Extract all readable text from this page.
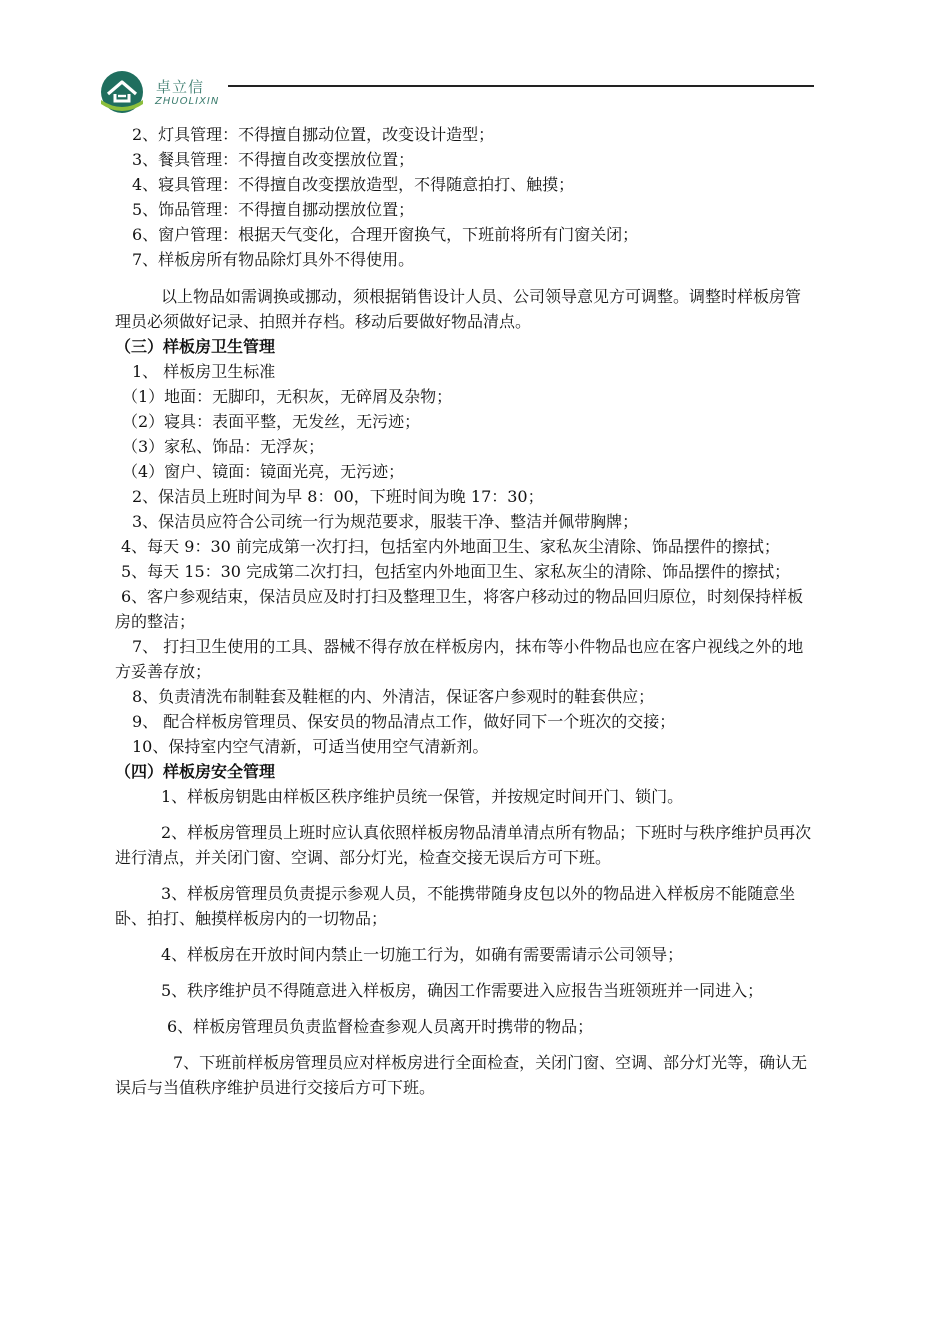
卓立信
ZHUOLIXIN
2、灯具管理：不得擅自挪动位置，改变设计造型；
3、餐具管理：不得擅自改变摆放位置；
4、寝具管理：不得擅自改变摆放造型，不得随意拍打、触摸；
5、饰品管理：不得擅自挪动摆放位置；
6、窗户管理：根据天气变化，合理开窗换气，下班前将所有门窗关闭；
7、样板房所有物品除灯具外不得使用。
以上物品如需调换或挪动，须根据销售设计人员、公司领导意见方可调整。调整时样板房管理员必须做好记录、拍照并存档。移动后要做好物品清点。
（三）样板房卫生管理
1、 样板房卫生标准
（1）地面：无脚印，无积灰，无碎屑及杂物；
（2）寝具：表面平整，无发丝，无污迹；
（3）家私、饰品：无浮灰；
（4）窗户、镜面：镜面光亮，无污迹；
2、保洁员上班时间为早 8：00，下班时间为晚 17：30；
3、保洁员应符合公司统一行为规范要求，服装干净、整洁并佩带胸牌；
4、每天 9：30 前完成第一次打扫，包括室内外地面卫生、家私灰尘清除、饰品摆件的擦拭；
5、每天 15：30 完成第二次打扫，包括室内外地面卫生、家私灰尘的清除、饰品摆件的擦拭；
6、客户参观结束，保洁员应及时打扫及整理卫生，将客户移动过的物品回归原位，时刻保持样板房的整洁；
7、 打扫卫生使用的工具、器械不得存放在样板房内，抹布等小件物品也应在客户视线之外的地方妥善存放；
8、负责清洗布制鞋套及鞋框的内、外清洁，保证客户参观时的鞋套供应；
9、 配合样板房管理员、保安员的物品清点工作，做好同下一个班次的交接；
10、保持室内空气清新，可适当使用空气清新剂。
（四）样板房安全管理
1、样板房钥匙由样板区秩序维护员统一保管，并按规定时间开门、锁门。
2、样板房管理员上班时应认真依照样板房物品清单清点所有物品；下班时与秩序维护员再次进行清点，并关闭门窗、空调、部分灯光，检查交接无误后方可下班。
3、样板房管理员负责提示参观人员，不能携带随身皮包以外的物品进入样板房不能随意坐卧、拍打、触摸样板房内的一切物品；
4、样板房在开放时间内禁止一切施工行为，如确有需要需请示公司领导；
5、秩序维护员不得随意进入样板房，确因工作需要进入应报告当班领班并一同进入；
6、样板房管理员负责监督检查参观人员离开时携带的物品；
7、下班前样板房管理员应对样板房进行全面检查，关闭门窗、空调、部分灯光等，确认无误后与当值秩序维护员进行交接后方可下班。
